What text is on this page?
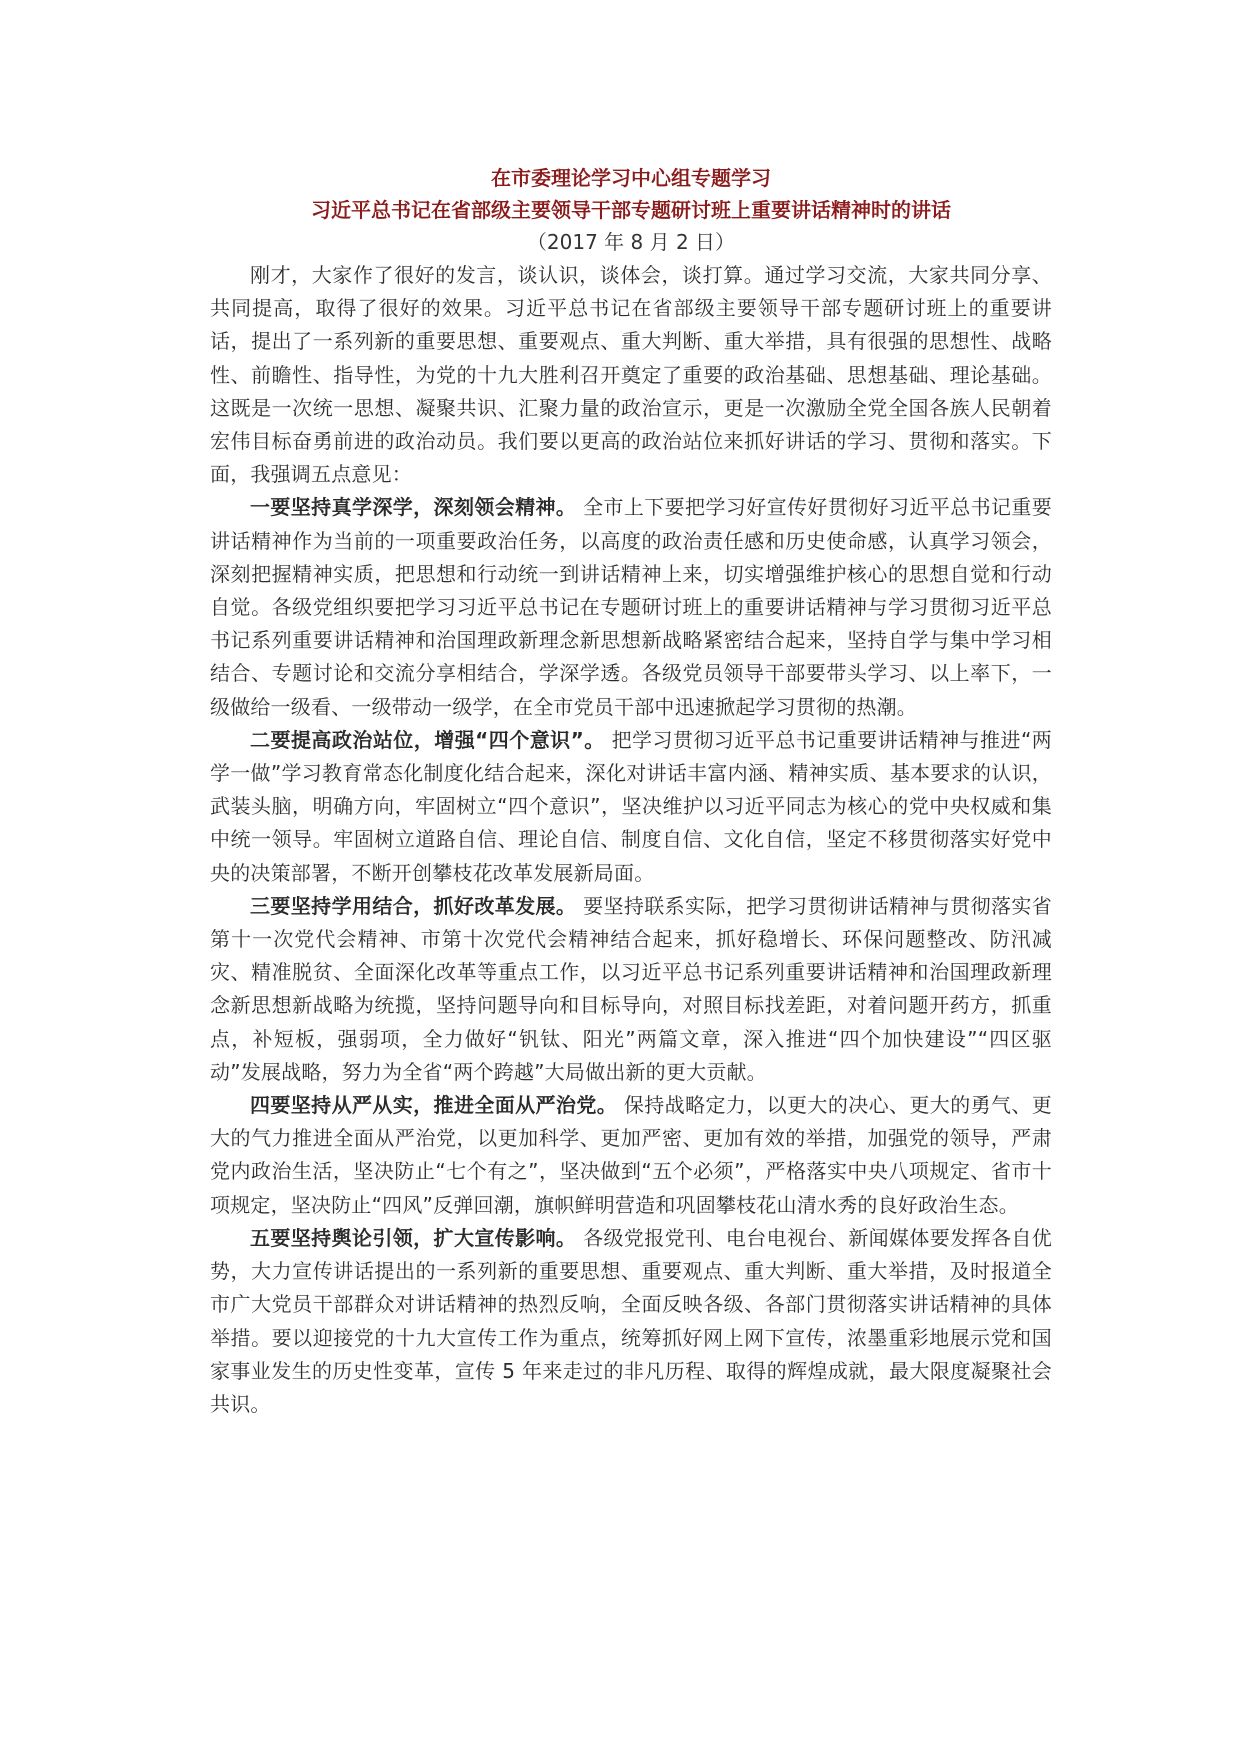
在市委理论学习中心组专题学习
习近平总书记在省部级主要领导干部专题研讨班上重要讲话精神时的讲话

（2017 年 8 月 2 日）

刚才，大家作了很好的发言，谈认识，谈体会，谈打算。通过学习交流，大家共同分享、共同提高，取得了很好的效果。习近平总书记在省部级主要领导干部专题研讨班上的重要讲话，提出了一系列新的重要思想、重要观点、重大判断、重大举措，具有很强的思想性、战略性、前瞻性、指导性，为党的十九大胜利召开奠定了重要的政治基础、思想基础、理论基础。这既是一次统一思想、凝聚共识、汇聚力量的政治宣示，更是一次激励全党全国各族人民朝着宏伟目标奋勇前进的政治动员。我们要以更高的政治站位来抓好讲话的学习、贯彻和落实。下面，我强调五点意见：

一要坚持真学深学，深刻领会精神。 全市上下要把学习好宣传好贯彻好习近平总书记重要讲话精神作为当前的一项重要政治任务，以高度的政治责任感和历史使命感，认真学习领会，深刻把握精神实质，把思想和行动统一到讲话精神上来，切实增强维护核心的思想自觉和行动自觉。各级党组织要把学习习近平总书记在专题研讨班上的重要讲话精神与学习贯彻习近平总书记系列重要讲话精神和治国理政新理念新思想新战略紧密结合起来，坚持自学与集中学习相结合、专题讨论和交流分享相结合，学深学透。各级党员领导干部要带头学习、以上率下，一级做给一级看、一级带动一级学，在全市党员干部中迅速掀起学习贯彻的热潮。

二要提高政治站位，增强“四个意识”。 把学习贯彻习近平总书记重要讲话精神与推进“两学一做”学习教育常态化制度化结合起来，深化对讲话丰富内涵、精神实质、基本要求的认识，武装头脑，明确方向，牢固树立“四个意识”，坚决维护以习近平同志为核心的党中央权威和集中统一领导。牢固树立道路自信、理论自信、制度自信、文化自信，坚定不移贯彻落实好党中央的决策部署，不断开创攀枝花改革发展新局面。

三要坚持学用结合，抓好改革发展。 要坚持联系实际，把学习贯彻讲话精神与贯彻落实省第十一次党代会精神、市第十次党代会精神结合起来，抓好稳增长、环保问题整改、防汛减灾、精准脱贫、全面深化改革等重点工作，以习近平总书记系列重要讲话精神和治国理政新理念新思想新战略为统揽，坚持问题导向和目标导向，对照目标找差距，对着问题开药方，抓重点，补短板，强弱项，全力做好“钒钛、阳光”两篇文章，深入推进“四个加快建设”“四区驱动”发展战略，努力为全省“两个跨越”大局做出新的更大贡献。

四要坚持从严从实，推进全面从严治党。 保持战略定力，以更大的决心、更大的勇气、更大的气力推进全面从严治党，以更加科学、更加严密、更加有效的举措，加强党的领导，严肃党内政治生活，坚决防止“七个有之”，坚决做到“五个必须”，严格落实中央八项规定、省市十项规定，坚决防止“四风”反弹回潮，旗帜鲜明营造和巩固攀枝花山清水秀的良好政治生态。

五要坚持舆论引领，扩大宣传影响。 各级党报党刊、电台电视台、新闻媒体要发挥各自优势，大力宣传讲话提出的一系列新的重要思想、重要观点、重大判断、重大举措，及时报道全市广大党员干部群众对讲话精神的热烈反响，全面反映各级、各部门贯彻落实讲话精神的具体举措。要以迎接党的十九大宣传工作为重点，统筹抓好网上网下宣传，浓墨重彩地展示党和国家事业发生的历史性变革，宣传 5 年来走过的非凡历程、取得的辉煌成就，最大限度凝聚社会共识。
